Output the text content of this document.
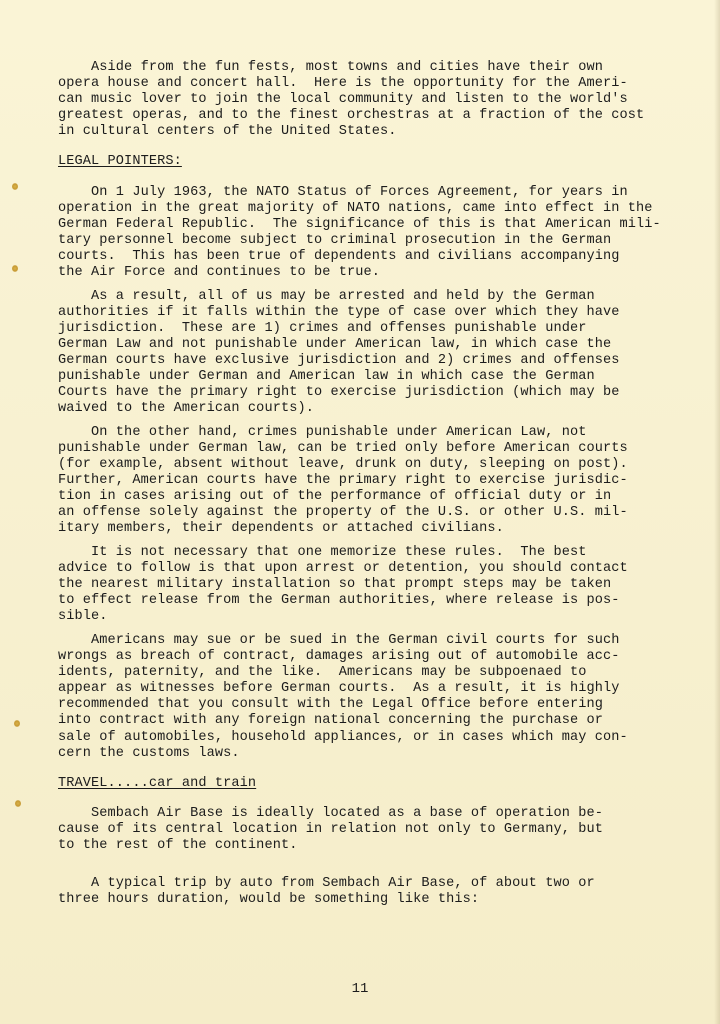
Aside from the fun fests, most towns and cities have their own
opera house and concert hall.  Here is the opportunity for the Ameri-
can music lover to join the local community and listen to the world's
greatest operas, and to the finest orchestras at a fraction of the cost
in cultural centers of the United States.
LEGAL POINTERS:
On 1 July 1963, the NATO Status of Forces Agreement, for years in
operation in the great majority of NATO nations, came into effect in the
German Federal Republic.  The significance of this is that American mili-
tary personnel become subject to criminal prosecution in the German
courts.  This has been true of dependents and civilians accompanying
the Air Force and continues to be true.
As a result, all of us may be arrested and held by the German
authorities if it falls within the type of case over which they have
jurisdiction.  These are 1) crimes and offenses punishable under
German Law and not punishable under American law, in which case the
German courts have exclusive jurisdiction and 2) crimes and offenses
punishable under German and American law in which case the German
Courts have the primary right to exercise jurisdiction (which may be
waived to the American courts).
On the other hand, crimes punishable under American Law, not
punishable under German law, can be tried only before American courts
(for example, absent without leave, drunk on duty, sleeping on post).
Further, American courts have the primary right to exercise jurisdic-
tion in cases arising out of the performance of official duty or in
an offense solely against the property of the U.S. or other U.S. mil-
itary members, their dependents or attached civilians.
It is not necessary that one memorize these rules.  The best
advice to follow is that upon arrest or detention, you should contact
the nearest military installation so that prompt steps may be taken
to effect release from the German authorities, where release is pos-
sible.
Americans may sue or be sued in the German civil courts for such
wrongs as breach of contract, damages arising out of automobile acc-
idents, paternity, and the like.  Americans may be subpoenaed to
appear as witnesses before German courts.  As a result, it is highly
recommended that you consult with the Legal Office before entering
into contract with any foreign national concerning the purchase or
sale of automobiles, household appliances, or in cases which may con-
cern the customs laws.
TRAVEL.....car and train
Sembach Air Base is ideally located as a base of operation be-
cause of its central location in relation not only to Germany, but
to the rest of the continent.
A typical trip by auto from Sembach Air Base, of about two or
three hours duration, would be something like this:
11
